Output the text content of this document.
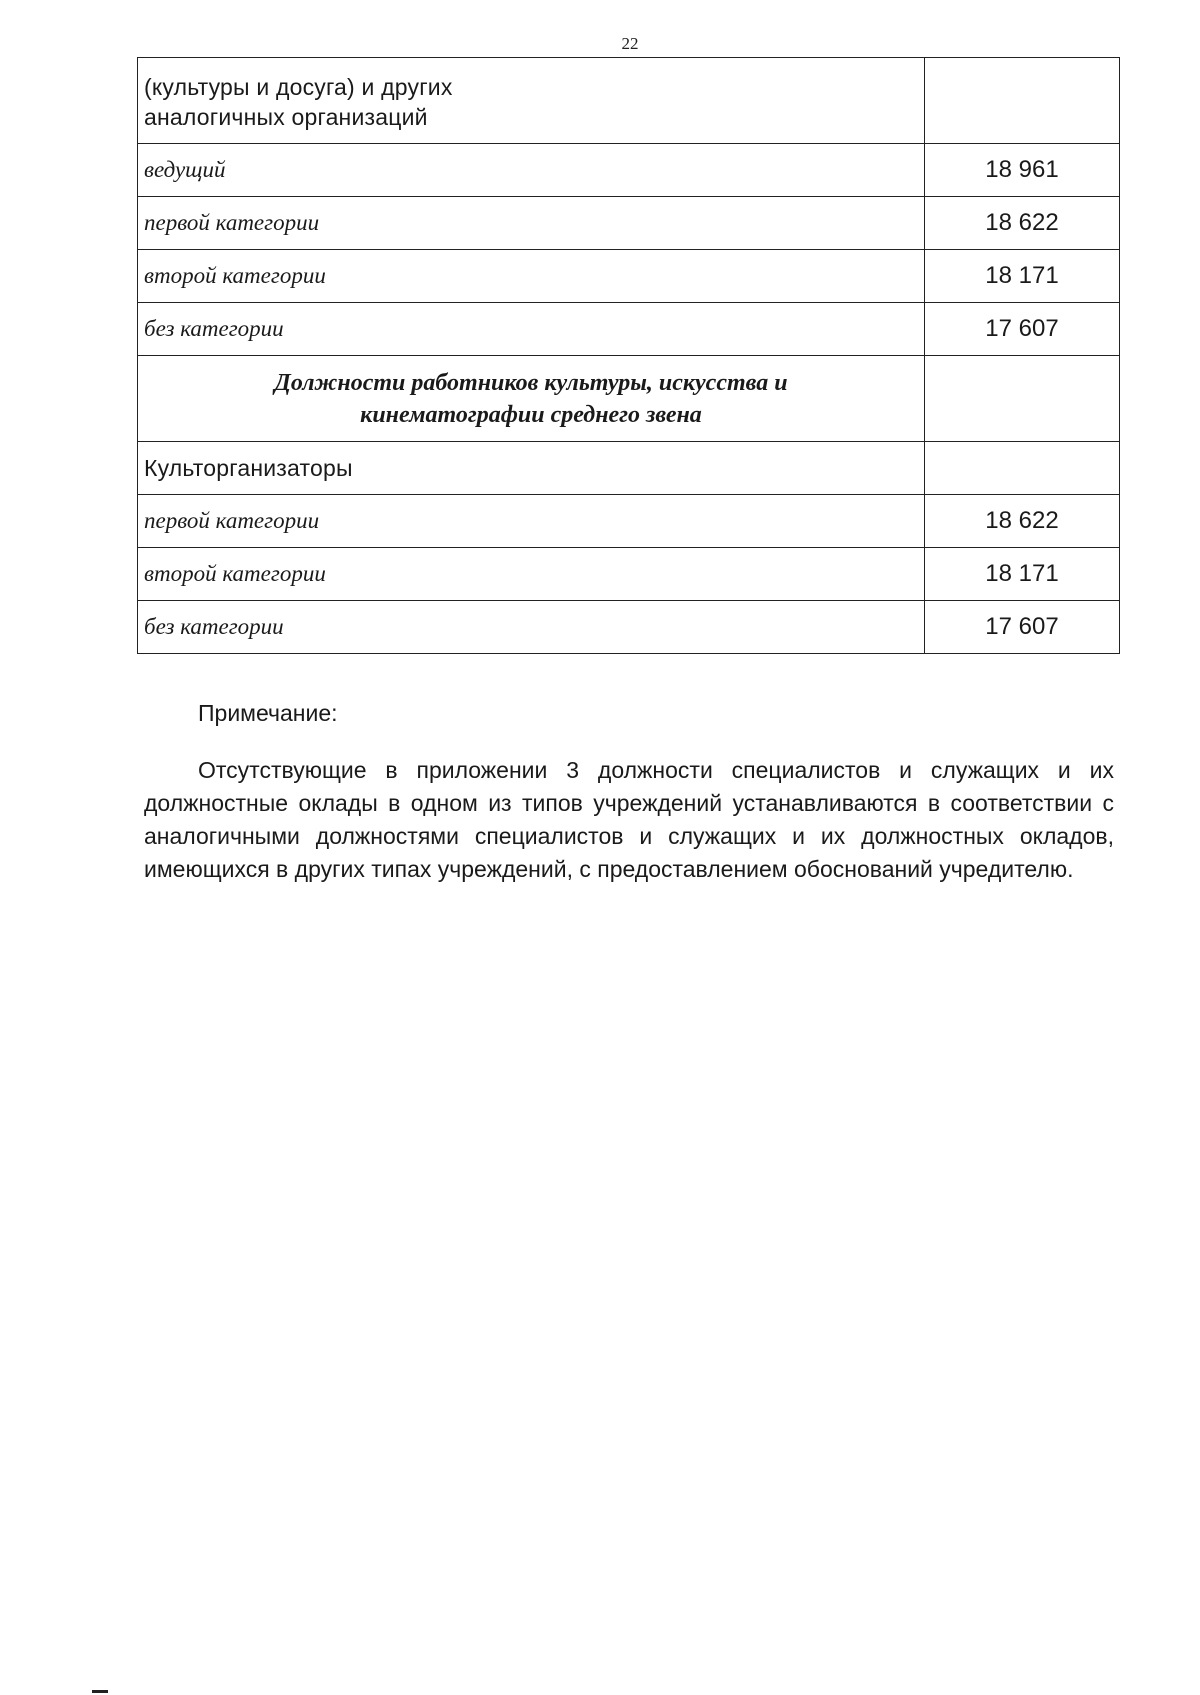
22
(культуры и досуга) и других
аналогичных организаций	
ведущий	18 961
первой категории	18 622
второй категории	18 171
без категории	17 607
Должности работников культуры, искусства и
кинематографии среднего звена	
Культорганизаторы	
первой категории	18 622
второй категории	18 171
без категории	17 607
Примечание:

Отсутствующие в приложении 3 должности специалистов и служащих и их должностные оклады в одном из типов учреждений устанавливаются в соответствии с аналогичными должностями специалистов и служащих и их должностных окладов, имеющихся в других типах учреждений, с предоставлением обоснований учредителю.
